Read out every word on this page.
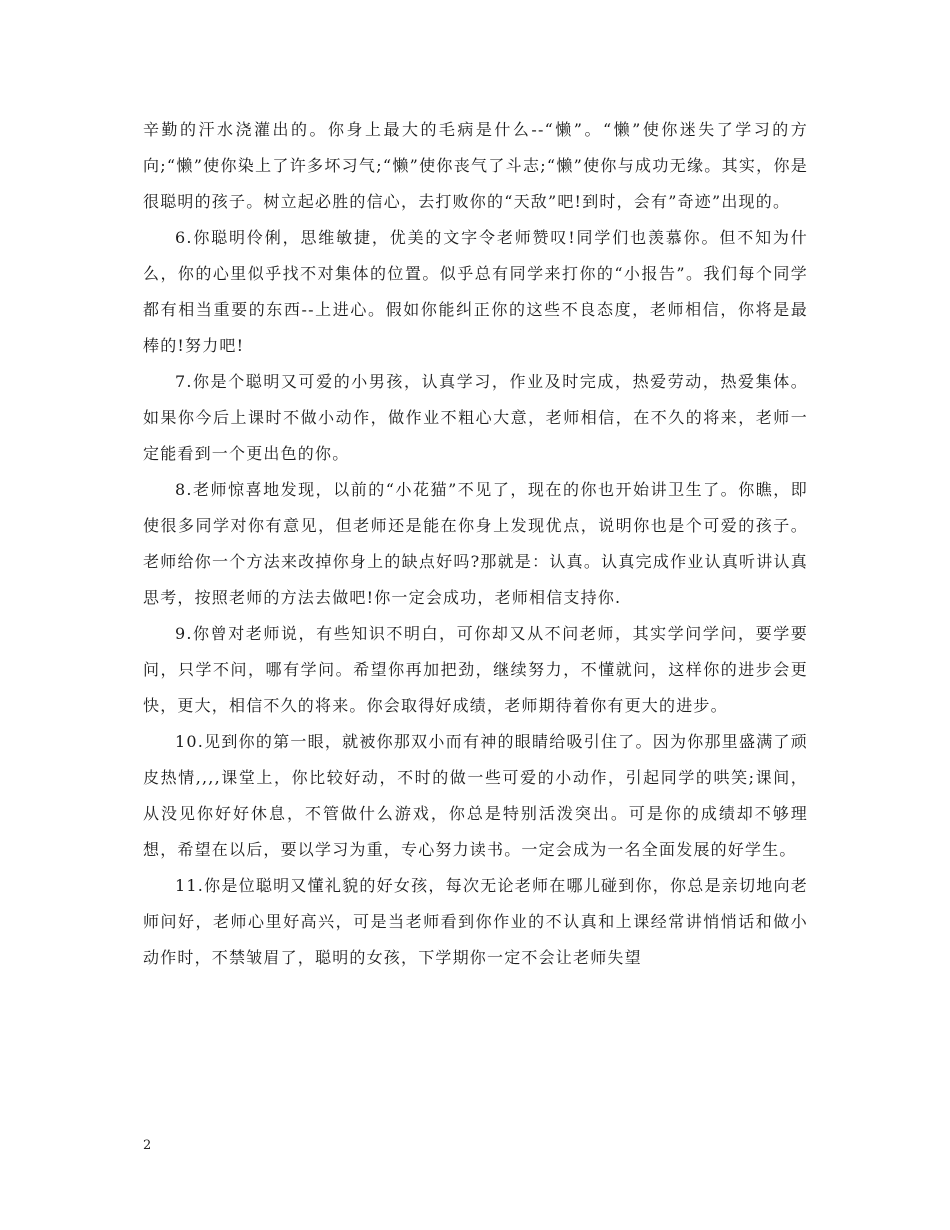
辛勤的汗水浇灌出的。你身上最大的毛病是什么--“懒”。“懒”使你迷失了学习的方向;“懒”使你染上了许多坏习气;“懒”使你丧气了斗志;“懒”使你与成功无缘。其实，你是很聪明的孩子。树立起必胜的信心，去打败你的“天敌”吧!到时，会有”奇迹”出现的。

6.你聪明伶俐，思维敏捷，优美的文字令老师赞叹!同学们也羡慕你。但不知为什么，你的心里似乎找不对集体的位置。似乎总有同学来打你的“小报告”。我们每个同学都有相当重要的东西--上进心。假如你能纠正你的这些不良态度，老师相信，你将是最棒的!努力吧!

7.你是个聪明又可爱的小男孩，认真学习，作业及时完成，热爱劳动，热爱集体。如果你今后上课时不做小动作，做作业不粗心大意，老师相信，在不久的将来，老师一定能看到一个更出色的你。

8.老师惊喜地发现，以前的“小花猫”不见了，现在的你也开始讲卫生了。你瞧，即使很多同学对你有意见，但老师还是能在你身上发现优点，说明你也是个可爱的孩子。老师给你一个方法来改掉你身上的缺点好吗?那就是：认真。认真完成作业认真听讲认真思考，按照老师的方法去做吧!你一定会成功，老师相信支持你.

9.你曾对老师说，有些知识不明白，可你却又从不问老师，其实学问学问，要学要问，只学不问，哪有学问。希望你再加把劲，继续努力，不懂就问，这样你的进步会更快，更大，相信不久的将来。你会取得好成绩，老师期待着你有更大的进步。

10.见到你的第一眼，就被你那双小而有神的眼睛给吸引住了。因为你那里盛满了顽皮热情,,,,课堂上，你比较好动，不时的做一些可爱的小动作，引起同学的哄笑;课间，从没见你好好休息，不管做什么游戏，你总是特别活泼突出。可是你的成绩却不够理想，希望在以后，要以学习为重，专心努力读书。一定会成为一名全面发展的好学生。

11.你是位聪明又懂礼貌的好女孩，每次无论老师在哪儿碰到你，你总是亲切地向老师问好，老师心里好高兴，可是当老师看到你作业的不认真和上课经常讲悄悄话和做小动作时，不禁皱眉了，聪明的女孩，下学期你一定不会让老师失望

2
